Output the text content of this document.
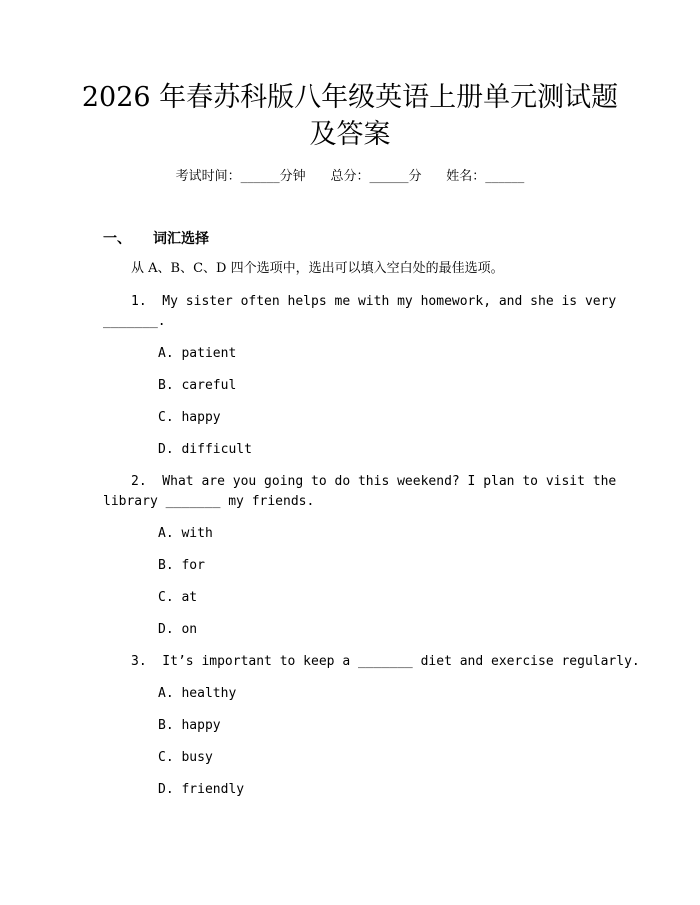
2026 年春苏科版八年级英语上册单元测试题
及答案
考试时间：______分钟 总分：______分 姓名：______
一、 词汇选择
从 A、B、C、D 四个选项中，选出可以填入空白处的最佳选项。
1.  My sister often helps me with my homework, and she is very
_______.
A. patient
B. careful
C. happy
D. difficult
2.  What are you going to do this weekend? I plan to visit the
library _______ my friends.
A. with
B. for
C. at
D. on
3.  It’s important to keep a _______ diet and exercise regularly.
A. healthy
B. happy
C. busy
D. friendly
